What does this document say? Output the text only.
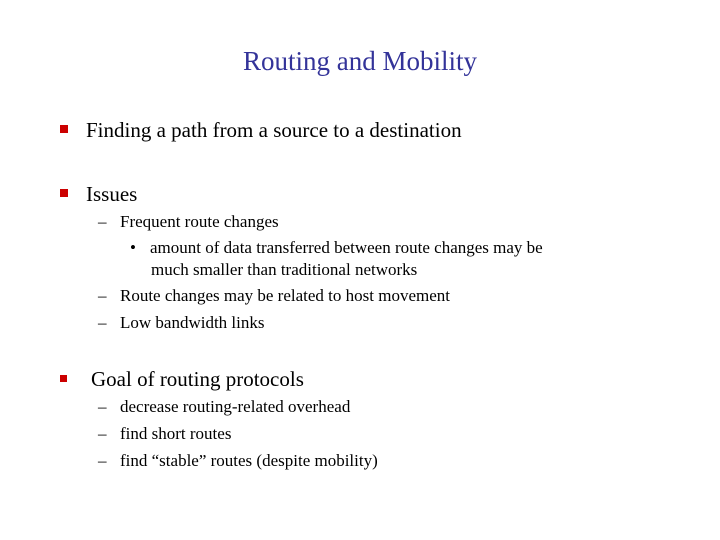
Routing and Mobility
Finding a path from a source to a destination
Issues
– Frequent route changes
• amount of data transferred between route changes may be
much smaller than traditional networks
– Route changes may be related to host movement
– Low bandwidth links
Goal of routing protocols
– decrease routing-related overhead
– find short routes
– find “stable” routes (despite mobility)
